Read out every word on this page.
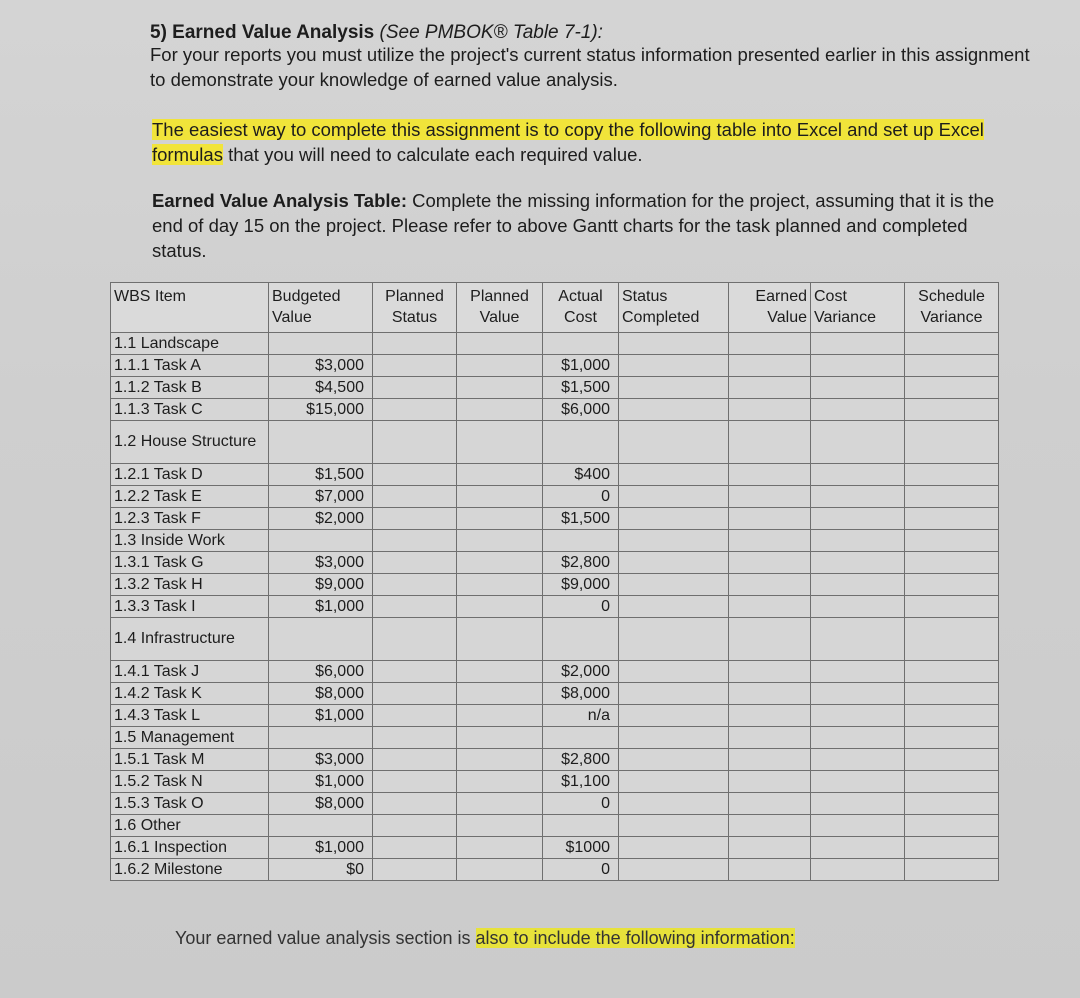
5) Earned Value Analysis (See PMBOK® Table 7-1):
For your reports you must utilize the project's current status information presented earlier in this assignment to demonstrate your knowledge of earned value analysis.
The easiest way to complete this assignment is to copy the following table into Excel and set up Excel formulas that you will need to calculate each required value.
Earned Value Analysis Table: Complete the missing information for the project, assuming that it is the end of day 15 on the project. Please refer to above Gantt charts for the task planned and completed status.
WBS Item	Budgeted Value	Planned Status	Planned Value	Actual Cost	Status Completed	Earned Value	Cost Variance	Schedule Variance
1.1 Landscape								
1.1.1 Task A	$3,000			$1,000				
1.1.2 Task B	$4,500			$1,500				
1.1.3 Task C	$15,000			$6,000				
1.2 House Structure								
1.2.1 Task D	$1,500			$400				
1.2.2 Task E	$7,000			0				
1.2.3 Task F	$2,000			$1,500				
1.3 Inside Work								
1.3.1 Task G	$3,000			$2,800				
1.3.2 Task H	$9,000			$9,000				
1.3.3 Task I	$1,000			0				
1.4 Infrastructure								
1.4.1 Task J	$6,000			$2,000				
1.4.2 Task K	$8,000			$8,000				
1.4.3 Task L	$1,000			n/a				
1.5 Management								
1.5.1 Task M	$3,000			$2,800				
1.5.2 Task N	$1,000			$1,100				
1.5.3 Task O	$8,000			0				
1.6 Other								
1.6.1 Inspection	$1,000			$1000				
1.6.2 Milestone	$0			0				
Your earned value analysis section is also to include the following information:
